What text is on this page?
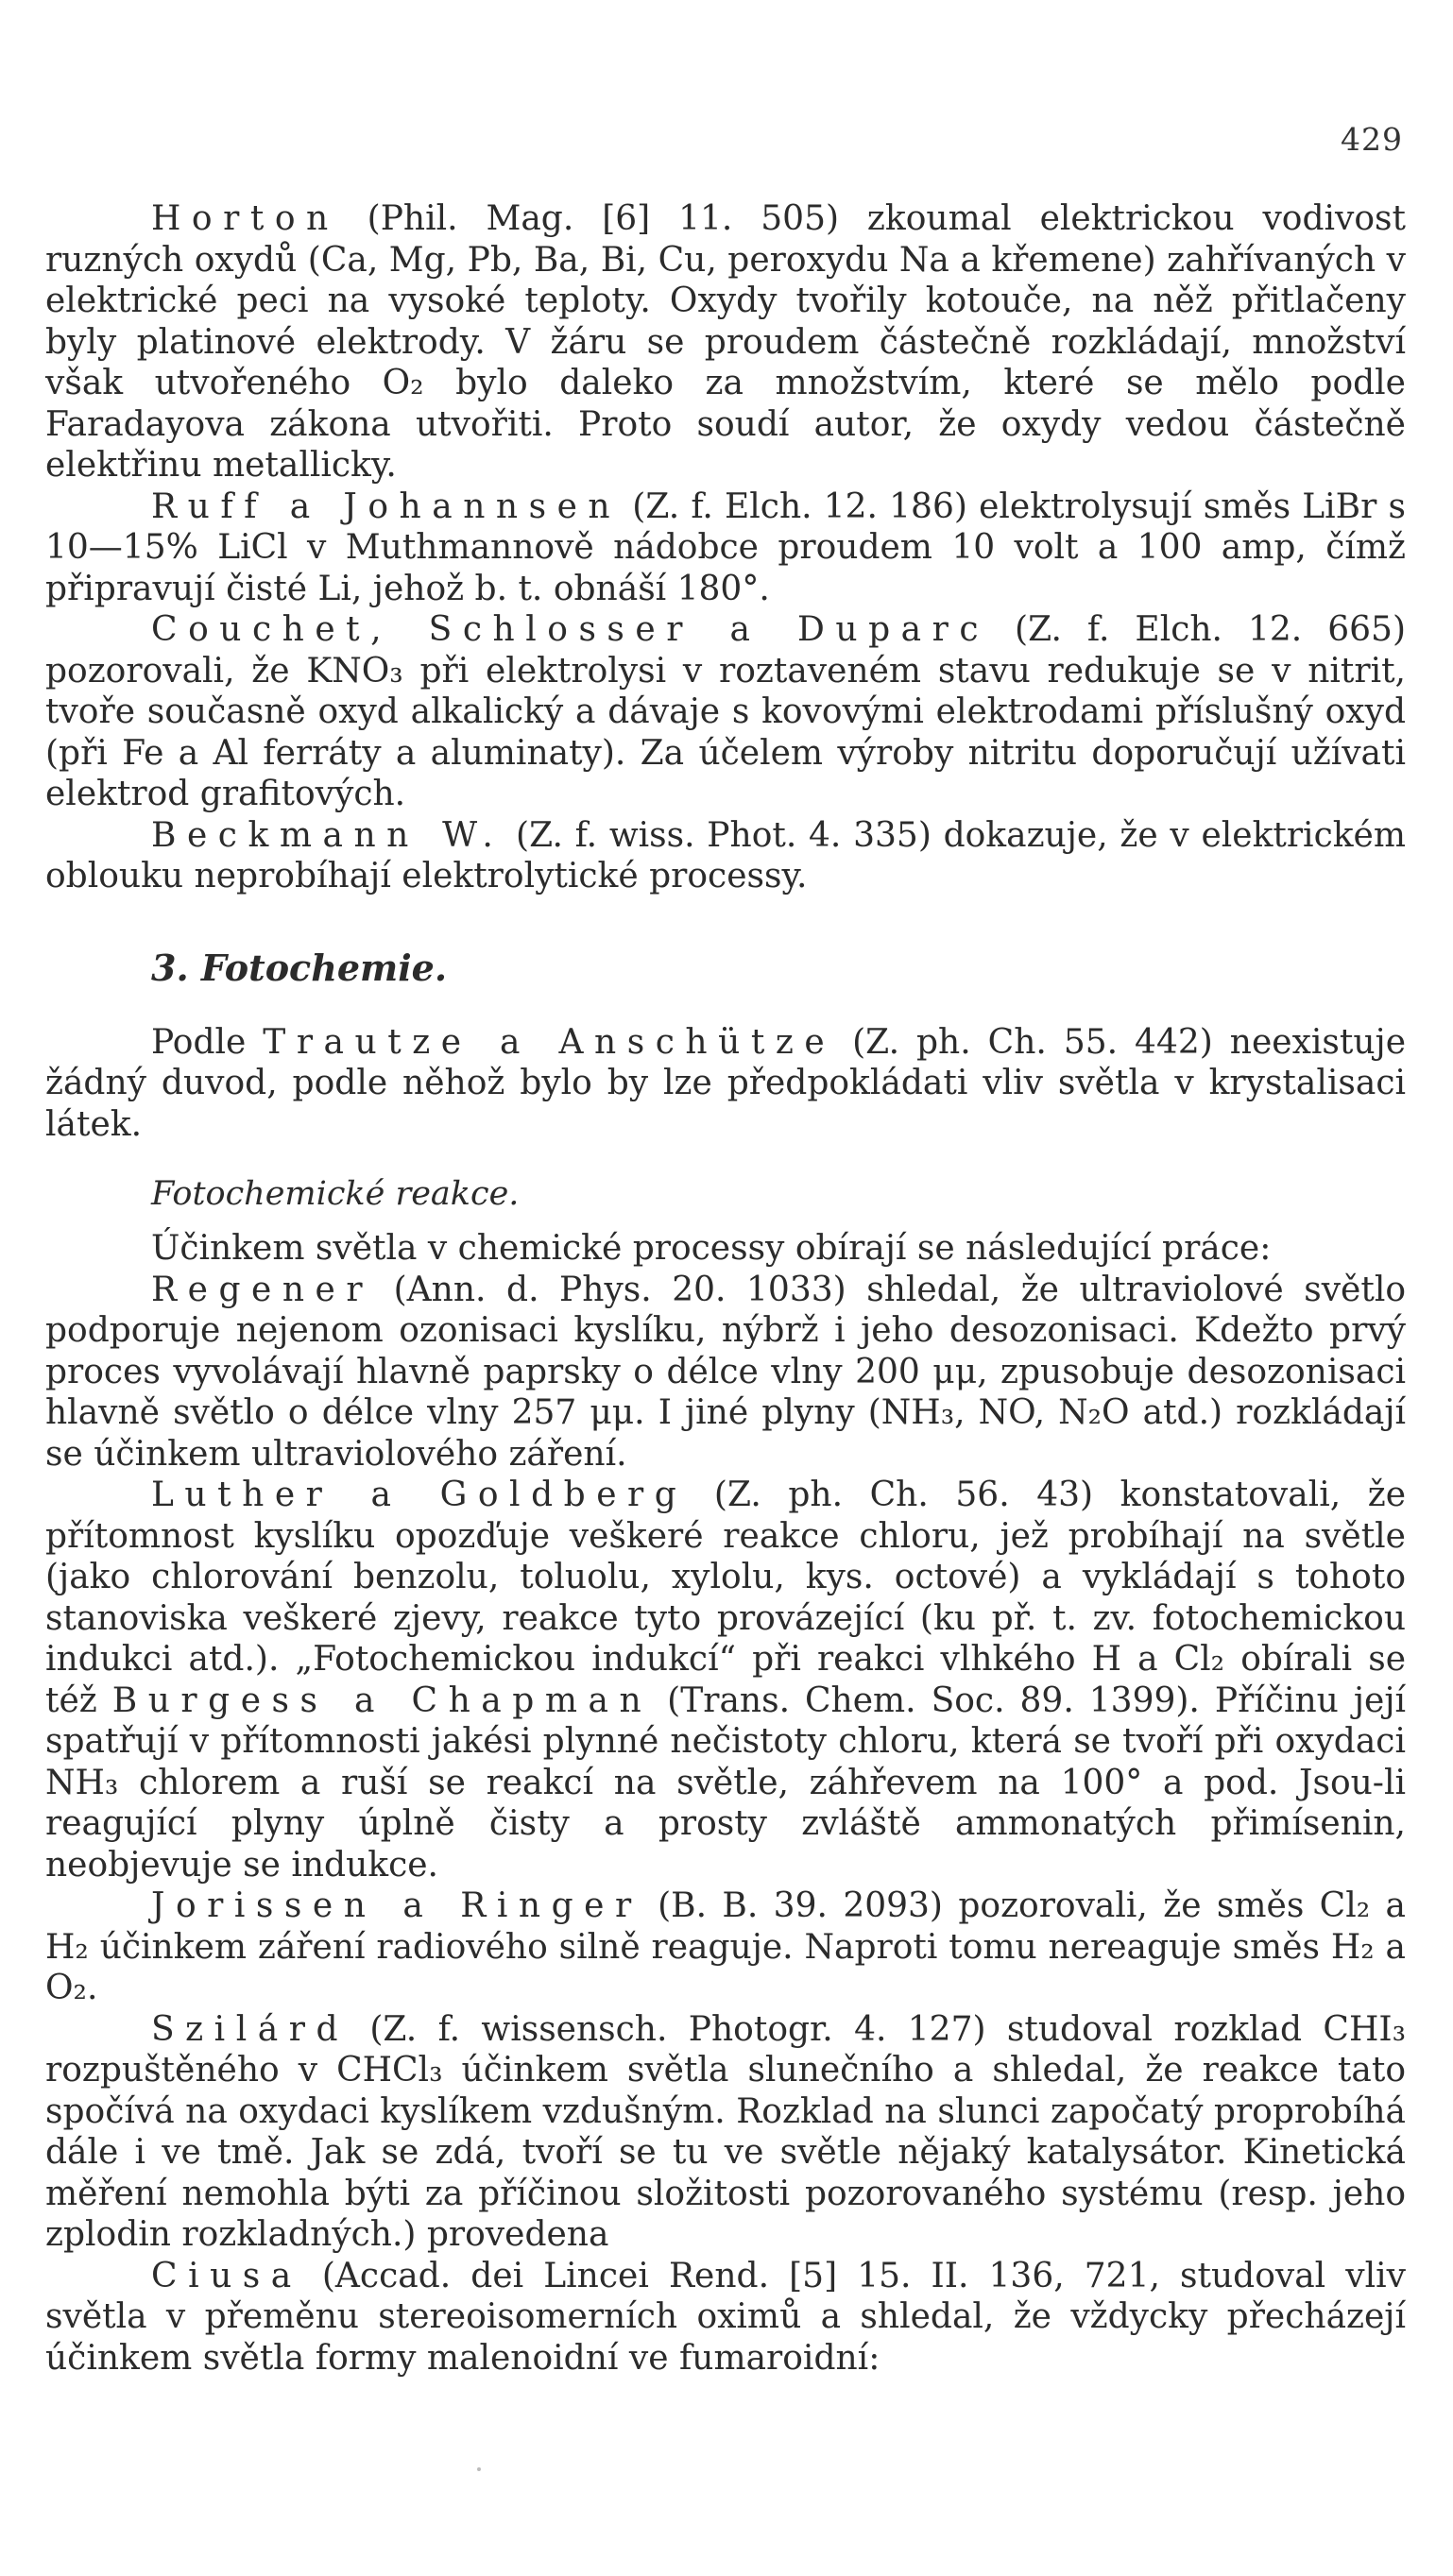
429

Horton (Phil. Mag. [6] 11. 505) zkoumal elektrickou vodivost ruzných oxydů (Ca, Mg, Pb, Ba, Bi, Cu, peroxydu Na a křemene) zahřívaných v elektrické peci na vysoké teploty. Oxydy tvořily kotouče, na něž přitlačeny byly platinové elektrody. V žáru se proudem částečně rozkládají, množství však utvořeného O₂ bylo daleko za množstvím, které se mělo podle Faradayova zákona utvořiti. Proto soudí autor, že oxydy vedou částečně elektřinu metallicky.

Ruff a Johannsen (Z. f. Elch. 12. 186) elektrolysují směs LiBr s 10—15% LiCl v Muthmannově nádobce proudem 10 volt a 100 amp, čímž připravují čisté Li, jehož b. t. obnáší 180°.

Couchet, Schlosser a Duparc (Z. f. Elch. 12. 665) pozorovali, že KNO₃ při elektrolysi v roztaveném stavu redukuje se v nitrit, tvoře současně oxyd alkalický a dávaje s kovovými elektrodami příslušný oxyd (při Fe a Al ferráty a aluminaty). Za účelem výroby nitritu doporučují užívati elektrod grafitových.

Beckmann W. (Z. f. wiss. Phot. 4. 335) dokazuje, že v elektrickém oblouku neprobíhají elektrolytické processy.

3. Fotochemie.

Podle Trautze a Anschütze (Z. ph. Ch. 55. 442) neexistuje žádný duvod, podle něhož bylo by lze předpokládati vliv světla v krystalisaci látek.

Fotochemické reakce.

Účinkem světla v chemické processy obírají se následující práce:

Regener (Ann. d. Phys. 20. 1033) shledal, že ultraviolové světlo podporuje nejenom ozonisaci kyslíku, nýbrž i jeho desozonisaci. Kdežto prvý proces vyvolávají hlavně paprsky o délce vlny 200 μμ, zpusobuje desozonisaci hlavně světlo o délce vlny 257 μμ. I jiné plyny (NH₃, NO, N₂O atd.) rozkládají se účinkem ultraviolového záření.

Luther a Goldberg (Z. ph. Ch. 56. 43) konstatovali, že přítomnost kyslíku opozďuje veškeré reakce chloru, jež probíhají na světle (jako chlorování benzolu, toluolu, xylolu, kys. octové) a vykládají s tohoto stanoviska veškeré zjevy, reakce tyto provázející (ku př. t. zv. fotochemickou indukci atd.). „Fotochemickou indukcí“ při reakci vlhkého H a Cl₂ obírali se též Burgess a Chapman (Trans. Chem. Soc. 89. 1399). Příčinu její spatřují v přítomnosti jakési plynné nečistoty chloru, která se tvoří při oxydaci NH₃ chlorem a ruší se reakcí na světle, záhřevem na 100° a pod. Jsou-li reagující plyny úplně čisty a prosty zvláště ammonatých přimísenin, neobjevuje se indukce.

Jorissen a Ringer (B. B. 39. 2093) pozorovali, že směs Cl₂ a H₂ účinkem záření radiového silně reaguje. Naproti tomu nereaguje směs H₂ a O₂.

Szilárd (Z. f. wissensch. Photogr. 4. 127) studoval rozklad CHI₃ rozpuštěného v CHCl₃ účinkem světla slunečního a shledal, že reakce tato spočívá na oxydaci kyslíkem vzdušným. Rozklad na slunci započatý proprobíhá dále i ve tmě. Jak se zdá, tvoří se tu ve světle nějaký katalysátor. Kinetická měření nemohla býti za příčinou složitosti pozorovaného systému (resp. jeho zplodin rozkladných.) provedena

Ciusa (Accad. dei Lincei Rend. [5] 15. II. 136, 721, studoval vliv světla v přeměnu stereoisomerních oximů a shledal, že vždycky přecházejí účinkem světla formy malenoidní ve fumaroidní:
